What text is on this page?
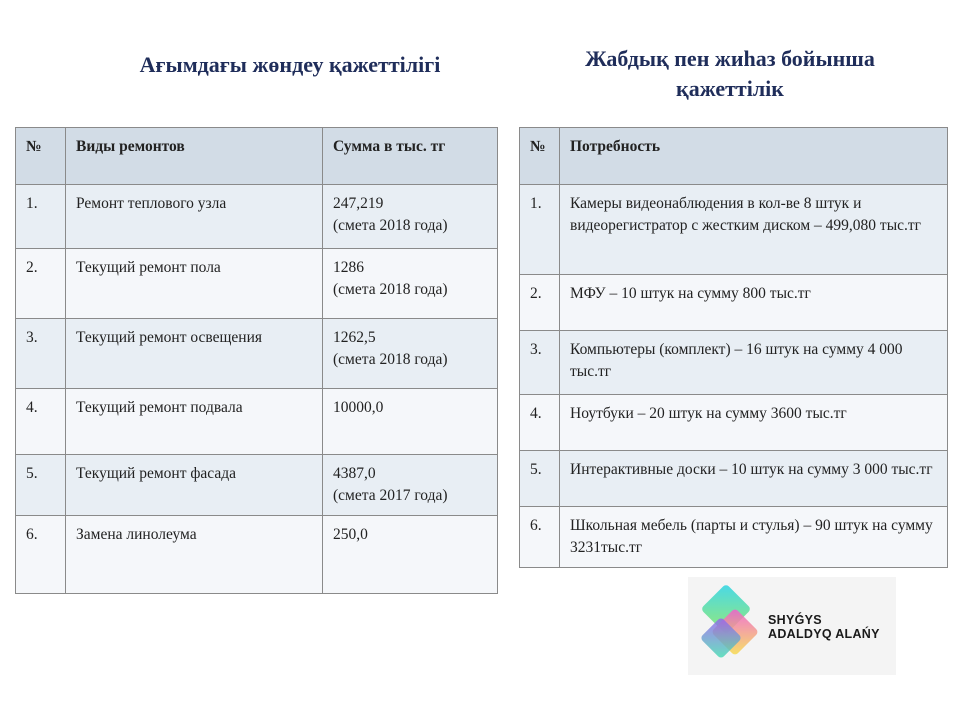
Ағымдағы жөндеу қажеттілігі	Жабдық пен жиһаз бойынша
қажеттілік
№	Виды ремонтов	Сумма в тыс. тг
1.	Ремонт теплового узла	247,219
(смета 2018 года)

2.	Текущий ремонт пола	1286
(смета 2018 года)

3.	Текущий ремонт освещения	1262,5
(смета 2018 года)

4.	Текущий ремонт подвала	10000,0

5.	Текущий ремонт фасада	4387,0
(смета 2017 года)

6.	Замена линолеума	250,0
№	Потребность
1.	Камеры видеонаблюдения в кол-ве 8 штук и видеорегистратор с жестким диском – 499,080 тыс.тг
2.	МФУ – 10 штук на сумму 800 тыс.тг
3.	Компьютеры (комплект) – 16 штук на сумму 4 000 тыс.тг
4.	Ноутбуки – 20 штук на сумму 3600 тыс.тг
5.	Интерактивные доски – 10 штук на сумму 3 000 тыс.тг
6.	Школьная мебель (парты и стулья) – 90 штук на сумму 3231тыс.тг
SHYǴYS
ADALDYQ ALAŃY
